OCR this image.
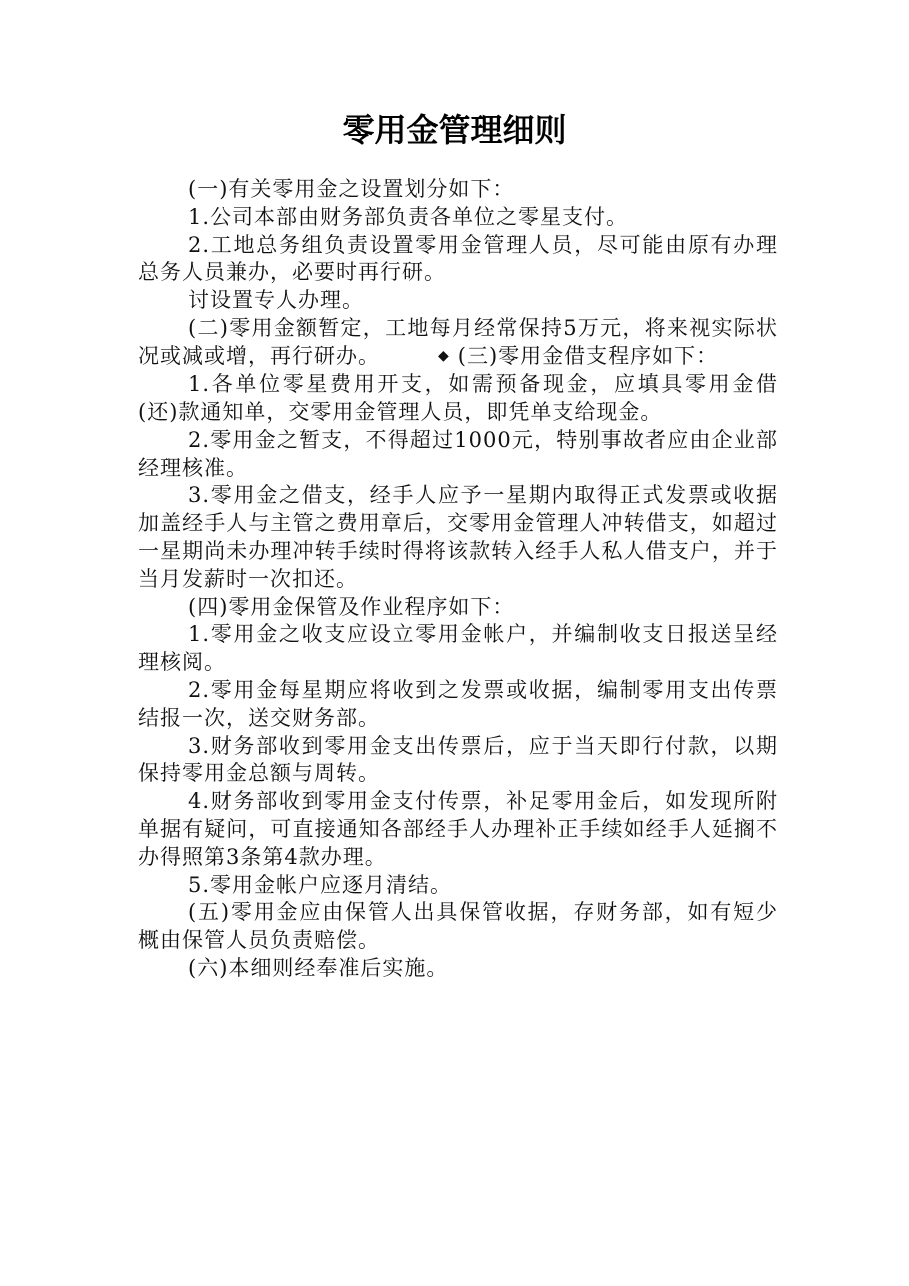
零用金管理细则

(一)有关零用金之设置划分如下：

1.公司本部由财务部负责各单位之零星支付。

2.工地总务组负责设置零用金管理人员，尽可能由原有办理总务人员兼办，必要时再行研。

讨设置专人办理。

(二)零用金额暂定，工地每月经常保持5万元，将来视实际状况或减或增，再行研办。	◆ (三)零用金借支程序如下：

1.各单位零星费用开支，如需预备现金，应填具零用金借(还)款通知单，交零用金管理人员，即凭单支给现金。

2.零用金之暂支，不得超过1000元，特别事故者应由企业部经理核准。

3.零用金之借支，经手人应予一星期内取得正式发票或收据加盖经手人与主管之费用章后，交零用金管理人冲转借支，如超过一星期尚未办理冲转手续时得将该款转入经手人私人借支户，并于当月发薪时一次扣还。

(四)零用金保管及作业程序如下：

1.零用金之收支应设立零用金帐户，并编制收支日报送呈经理核阅。

2.零用金每星期应将收到之发票或收据，编制零用支出传票结报一次，送交财务部。

3.财务部收到零用金支出传票后，应于当天即行付款，以期保持零用金总额与周转。

4.财务部收到零用金支付传票，补足零用金后，如发现所附单据有疑问，可直接通知各部经手人办理补正手续如经手人延搁不办得照第3条第4款办理。

5.零用金帐户应逐月清结。

(五)零用金应由保管人出具保管收据，存财务部，如有短少概由保管人员负责赔偿。

(六)本细则经奉准后实施。
